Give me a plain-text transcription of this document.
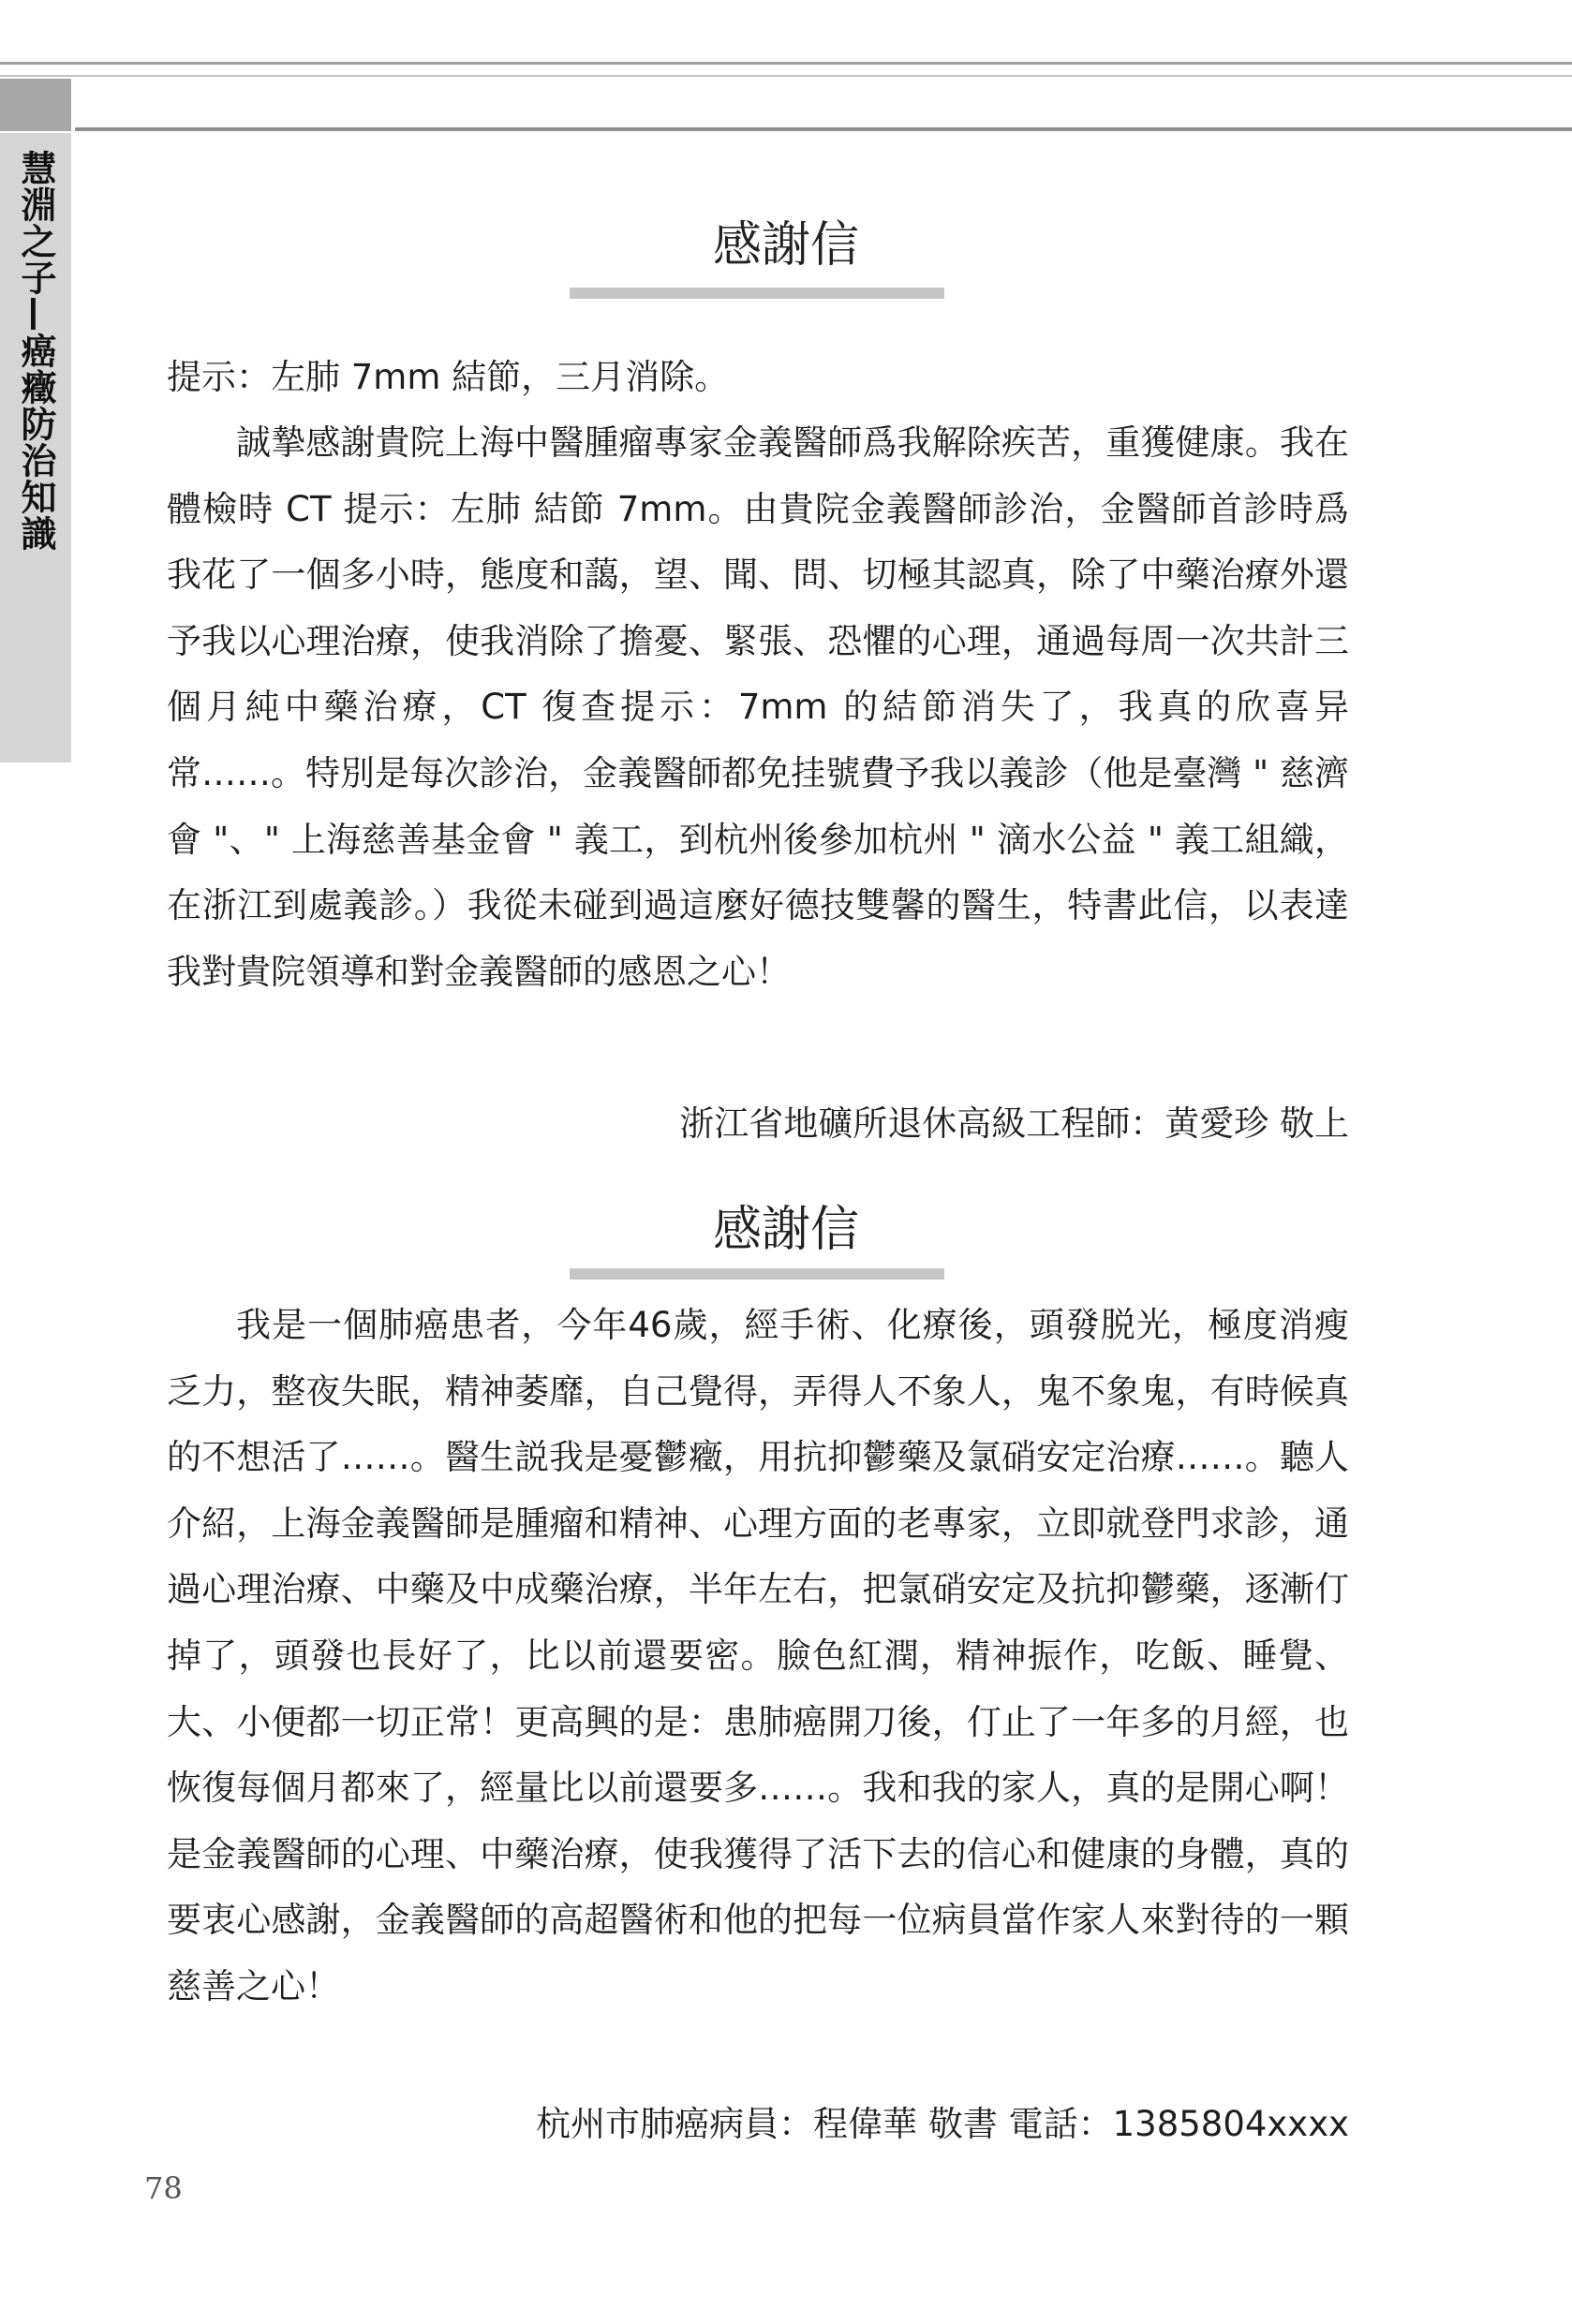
慧淵之子—癌癥防治知識	感謝信

提示：左肺 7mm 結節，三月消除。

誠摯感謝貴院上海中醫腫瘤專家金義醫師爲我解除疾苦，重獲健康。我在體檢時 CT 提示：左肺 結節 7mm。由貴院金義醫師診治，金醫師首診時爲我花了一個多小時，態度和藹，望、聞、問、切極其認真，除了中藥治療外還予我以心理治療，使我消除了擔憂、緊張、恐懼的心理，通過每周一次共計三個月純中藥治療，CT 復查提示：7mm 的結節消失了，我真的欣喜异常……。特別是每次診治，金義醫師都免挂號費予我以義診（他是臺灣 " 慈濟會 "、" 上海慈善基金會 " 義工，到杭州後參加杭州 " 滴水公益 " 義工組織，在浙江到處義診。）我從未碰到過這麼好德技雙馨的醫生，特書此信，以表達我對貴院領導和對金義醫師的感恩之心！

浙江省地礦所退休高級工程師：黄愛珍 敬上
感謝信

我是一個肺癌患者，今年46歲，經手術、化療後，頭發脱光，極度消瘦乏力，整夜失眠，精神萎靡，自己覺得，弄得人不象人，鬼不象鬼，有時候真的不想活了……。醫生説我是憂鬱癥，用抗抑鬱藥及氯硝安定治療……。聽人介紹，上海金義醫師是腫瘤和精神、心理方面的老專家，立即就登門求診，通過心理治療、中藥及中成藥治療，半年左右，把氯硝安定及抗抑鬱藥，逐漸仃掉了，頭發也長好了，比以前還要密。臉色紅潤，精神振作，吃飯、睡覺、大、小便都一切正常！更高興的是：患肺癌開刀後，仃止了一年多的月經，也恢復每個月都來了，經量比以前還要多……。我和我的家人，真的是開心啊！是金義醫師的心理、中藥治療，使我獲得了活下去的信心和健康的身體，真的要衷心感謝，金義醫師的高超醫術和他的把每一位病員當作家人來對待的一顆慈善之心！

杭州市肺癌病員：程偉華 敬書 電話：1385804xxxx
78
